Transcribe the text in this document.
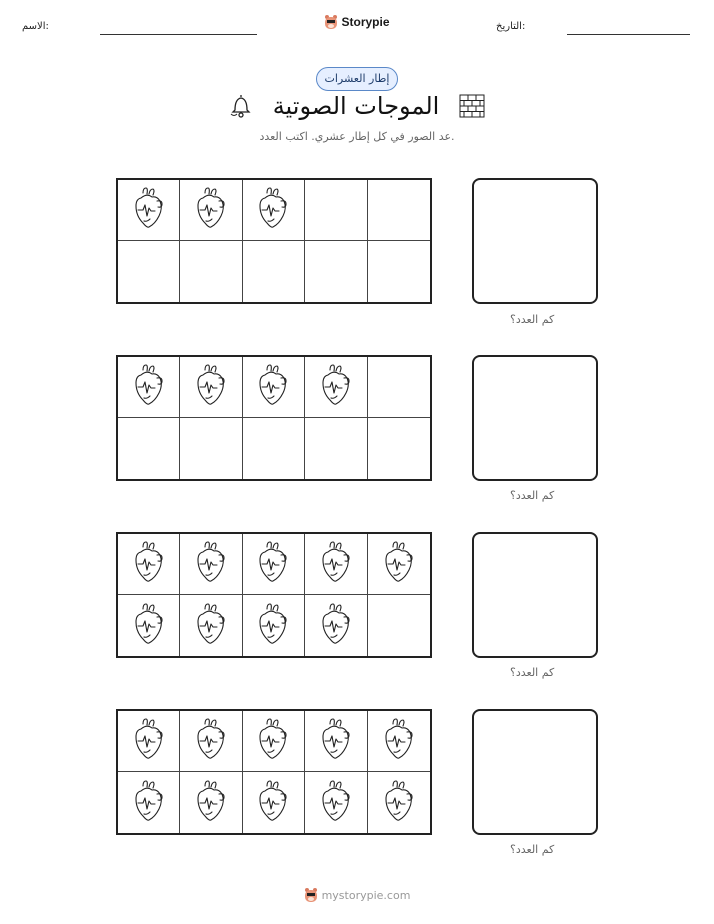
الاسم:	Storypie	التاريخ:
إطار العشرات
الموجات الصوتية
عد الصور في كل إطار عشري. اكتب العدد.
كم العدد؟
كم العدد؟
كم العدد؟
كم العدد؟
mystorypie.com
